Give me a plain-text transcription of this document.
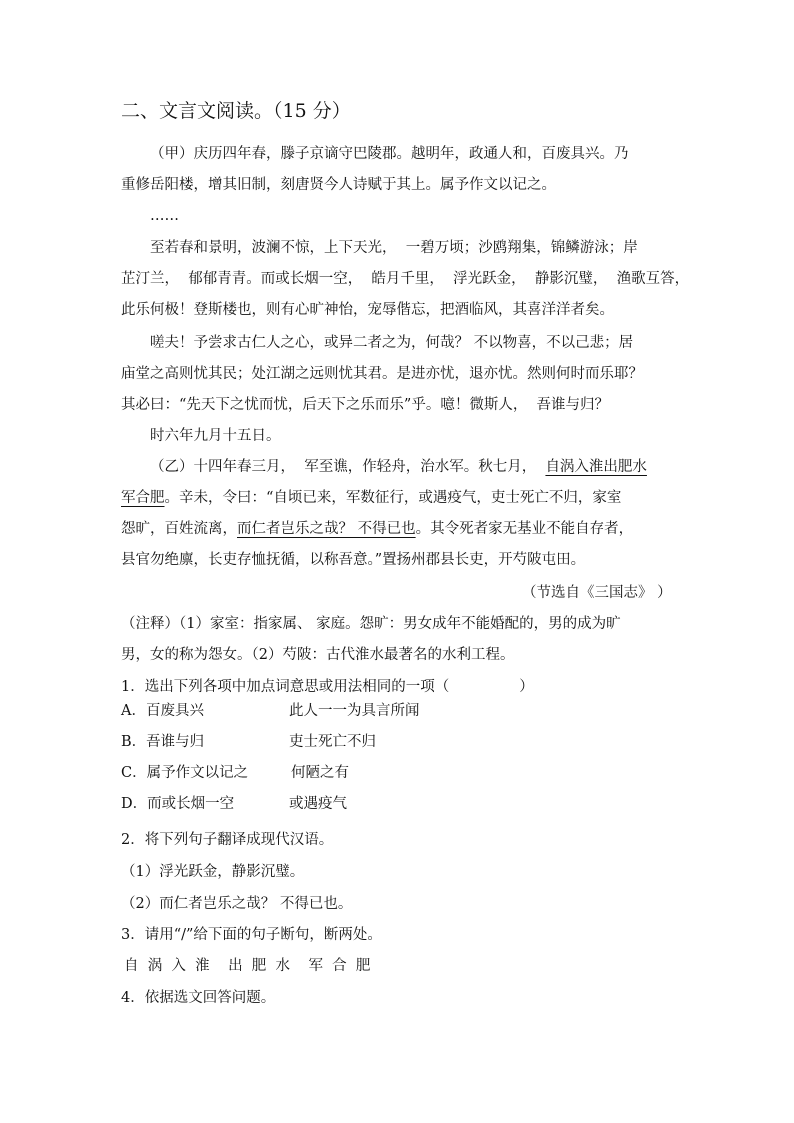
二、文言文阅读。（15 分）
（甲）庆历四年春，滕子京谪守巴陵郡。越明年，政通人和，百废具兴。乃
重修岳阳楼，增其旧制，刻唐贤今人诗赋于其上。属予作文以记之。
……
至若春和景明，波澜不惊，上下天光，  一碧万顷；沙鸥翔集，锦鳞游泳；岸
芷汀兰，  郁郁青青。而或长烟一空，  皓月千里，  浮光跃金，  静影沉璧，  渔歌互答，
此乐何极！登斯楼也，则有心旷神怡，宠辱偕忘，把酒临风，其喜洋洋者矣。
嗟夫！予尝求古仁人之心，或异二者之为，何哉？ 不以物喜，不以己悲；居
庙堂之高则忧其民；处江湖之远则忧其君。是进亦忧，退亦忧。然则何时而乐耶？
其必曰：“先天下之忧而忧，后天下之乐而乐”乎。噫！微斯人，  吾谁与归？
时六年九月十五日。
（乙）十四年春三月，  军至谯，作轻舟，治水军。秋七月，  自涡入淮出肥水
军合肥。辛未，令曰：“自顷已来，军数征行，或遇疫气，吏士死亡不归，家室
怨旷，百姓流离，而仁者岂乐之哉？ 不得已也。其令死者家无基业不能自存者，
县官勿绝廪，长吏存恤抚循，以称吾意。”置扬州郡县长吏，开芍陂屯田。
（节选自《三国志》 ）
（注释）（1）家室：指家属、 家庭。怨旷：男女成年不能婚配的，男的成为旷
男，女的称为怨女。（2）芍陂：古代淮水最著名的水利工程。
1．选出下列各项中加点词意思或用法相同的一项（	）
A．百废具兴	此人一一为具言所闻
B．吾谁与归	吏士死亡不归
C．属予作文以记之	何陋之有
D．而或长烟一空	或遇疫气
2．将下列句子翻译成现代汉语。
（1）浮光跃金，静影沉璧。
（2）而仁者岂乐之哉？ 不得已也。
3．请用“/”给下面的句子断句，断两处。
自  涡  入  淮    出  肥  水    军  合  肥
4．依据选文回答问题。
